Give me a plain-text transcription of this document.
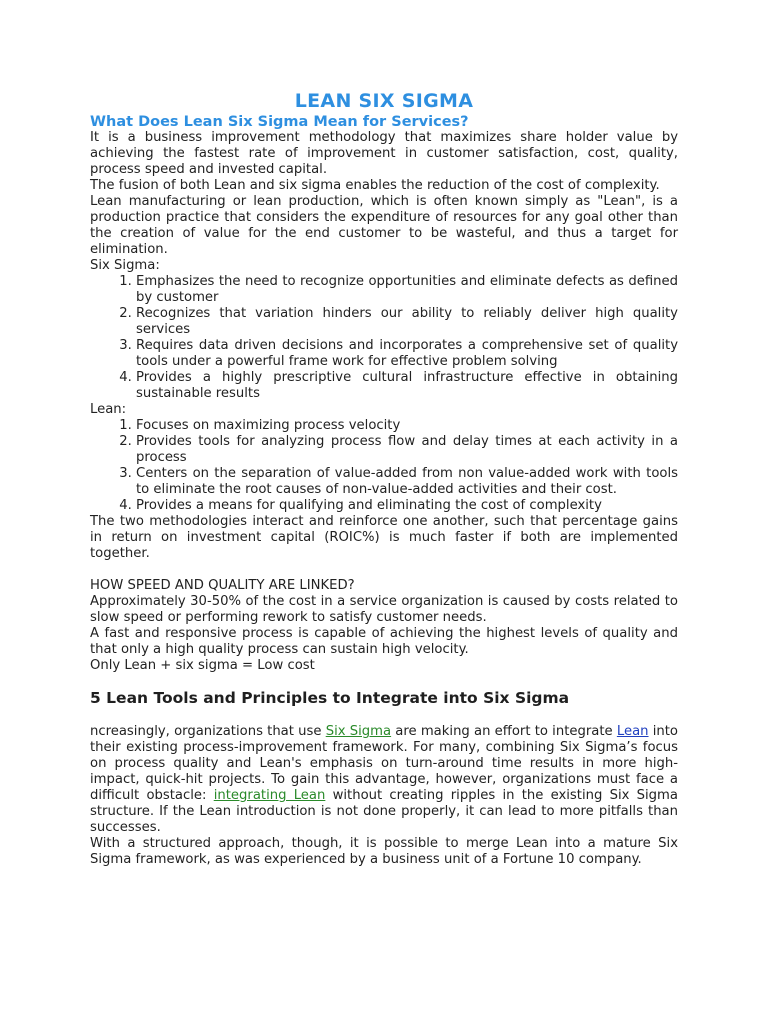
LEAN SIX SIGMA
What Does Lean Six Sigma Mean for Services?

It is a business improvement methodology that maximizes share holder value by achieving the fastest rate of improvement in customer satisfaction, cost, quality, process speed and invested capital.

The fusion of both Lean and six sigma enables the reduction of the cost of complexity.

Lean manufacturing or lean production, which is often known simply as "Lean", is a production practice that considers the expenditure of resources for any goal other than the creation of value for the end customer to be wasteful, and thus a target for elimination.

Six Sigma:

1. Emphasizes the need to recognize opportunities and eliminate defects as defined by customer
2. Recognizes that variation hinders our ability to reliably deliver high quality services
3. Requires data driven decisions and incorporates a comprehensive set of quality tools under a powerful frame work for effective problem solving
4. Provides a highly prescriptive cultural infrastructure effective in obtaining sustainable results

Lean:

1. Focuses on maximizing process velocity
2. Provides tools for analyzing process flow and delay times at each activity in a process
3. Centers on the separation of value-added from non value-added work with tools to eliminate the root causes of non-value-added activities and their cost.
4. Provides a means for qualifying and eliminating the cost of complexity

The two methodologies interact and reinforce one another, such that percentage gains in return on investment capital (ROIC%) is much faster if both are implemented together.

HOW SPEED AND QUALITY ARE LINKED?

Approximately 30-50% of the cost in a service organization is caused by costs related to slow speed or performing rework to satisfy customer needs.

A fast and responsive process is capable of achieving the highest levels of quality and that only a high quality process can sustain high velocity.

Only Lean + six sigma = Low cost

5 Lean Tools and Principles to Integrate into Six Sigma

ncreasingly, organizations that use Six Sigma are making an effort to integrate Lean into their existing process-improvement framework. For many, combining Six Sigma’s focus on process quality and Lean's emphasis on turn-around time results in more high-impact, quick-hit projects. To gain this advantage, however, organizations must face a difficult obstacle: integrating Lean without creating ripples in the existing Six Sigma structure. If the Lean introduction is not done properly, it can lead to more pitfalls than successes.

With a structured approach, though, it is possible to merge Lean into a mature Six Sigma framework, as was experienced by a business unit of a Fortune 10 company.
